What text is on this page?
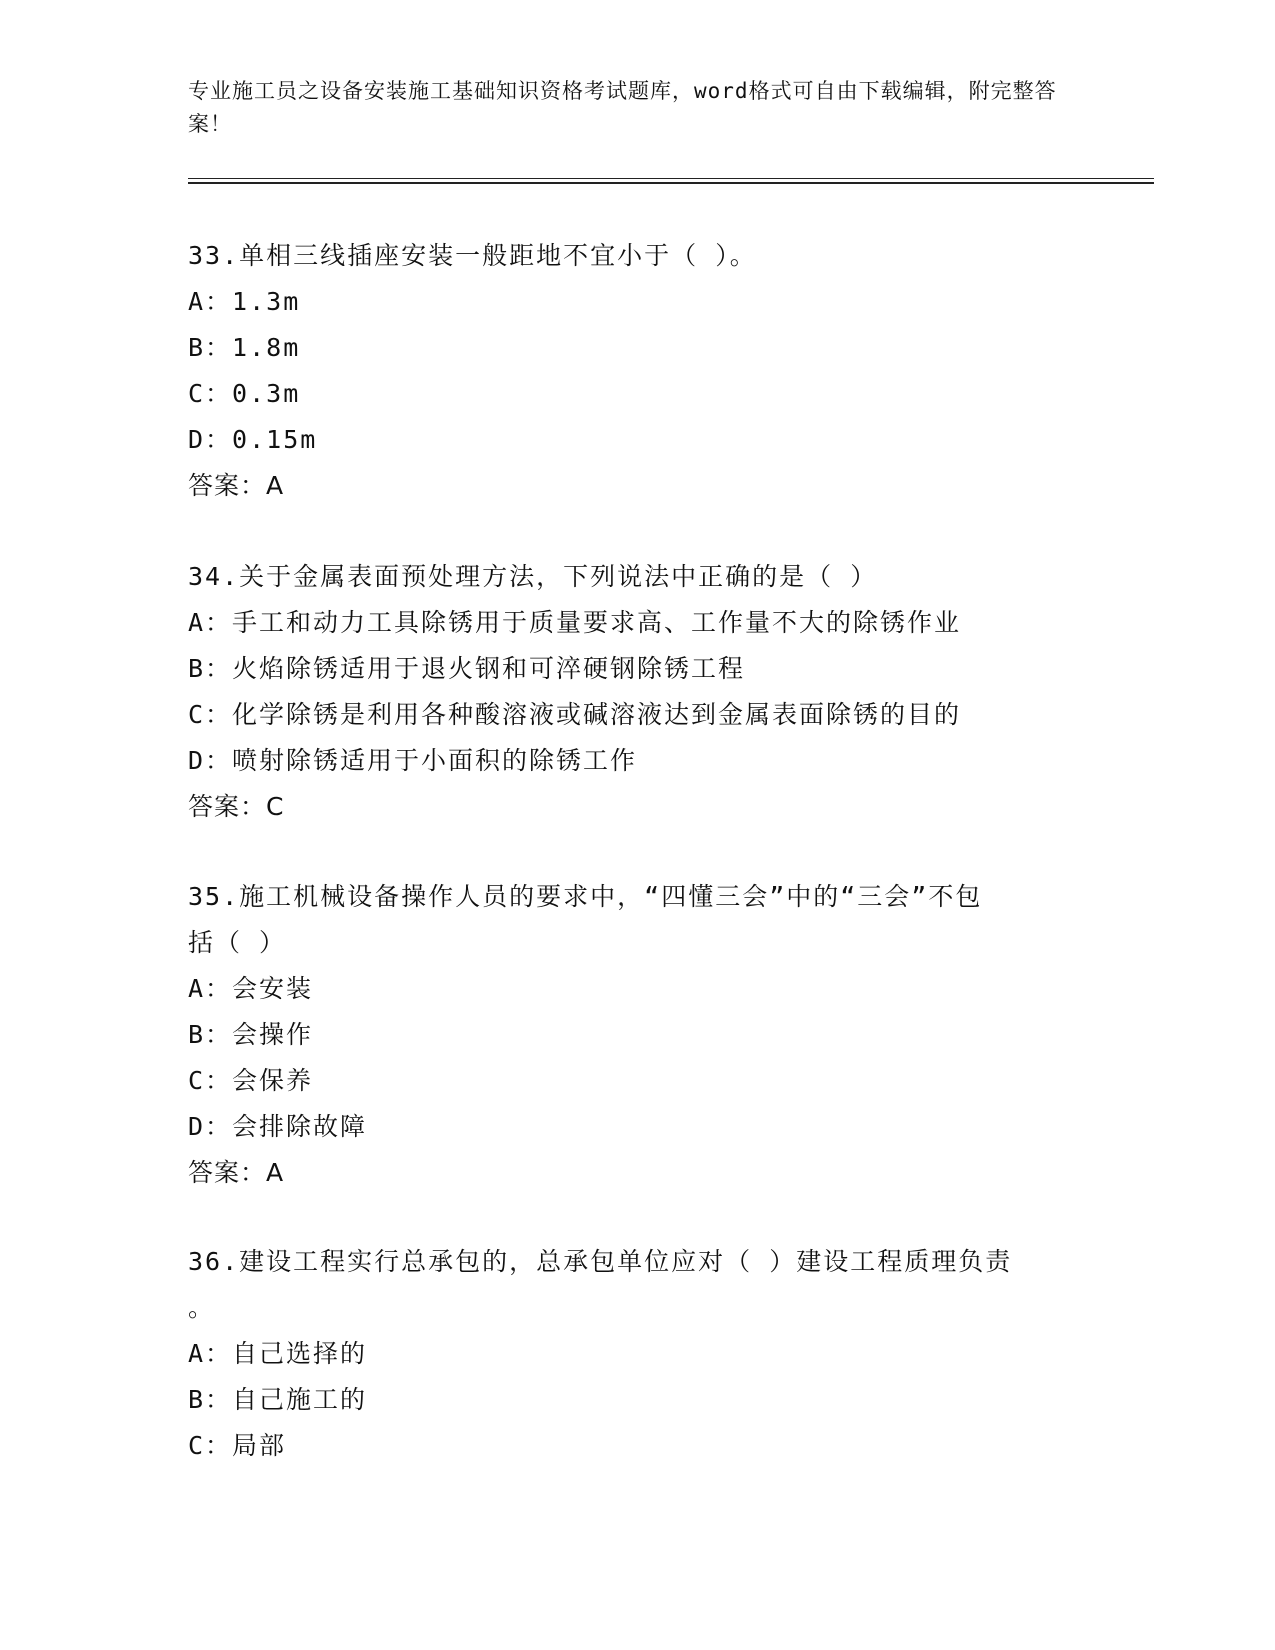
专业施工员之设备安装施工基础知识资格考试题库，word格式可自由下载编辑，附完整答案！
33.单相三线插座安装一般距地不宜小于（ ）。
A：1.3m
B：1.8m
C：0.3m
D：0.15m
答案：A
34.关于金属表面预处理方法，下列说法中正确的是（ ）
A：手工和动力工具除锈用于质量要求高、工作量不大的除锈作业
B：火焰除锈适用于退火钢和可淬硬钢除锈工程
C：化学除锈是利用各种酸溶液或碱溶液达到金属表面除锈的目的
D：喷射除锈适用于小面积的除锈工作
答案：C
35.施工机械设备操作人员的要求中，“四懂三会”中的“三会”不包
括（ ）
A：会安装
B：会操作
C：会保养
D：会排除故障
答案：A
36.建设工程实行总承包的，总承包单位应对（ ）建设工程质理负责
。
A：自己选择的
B：自己施工的
C：局部
